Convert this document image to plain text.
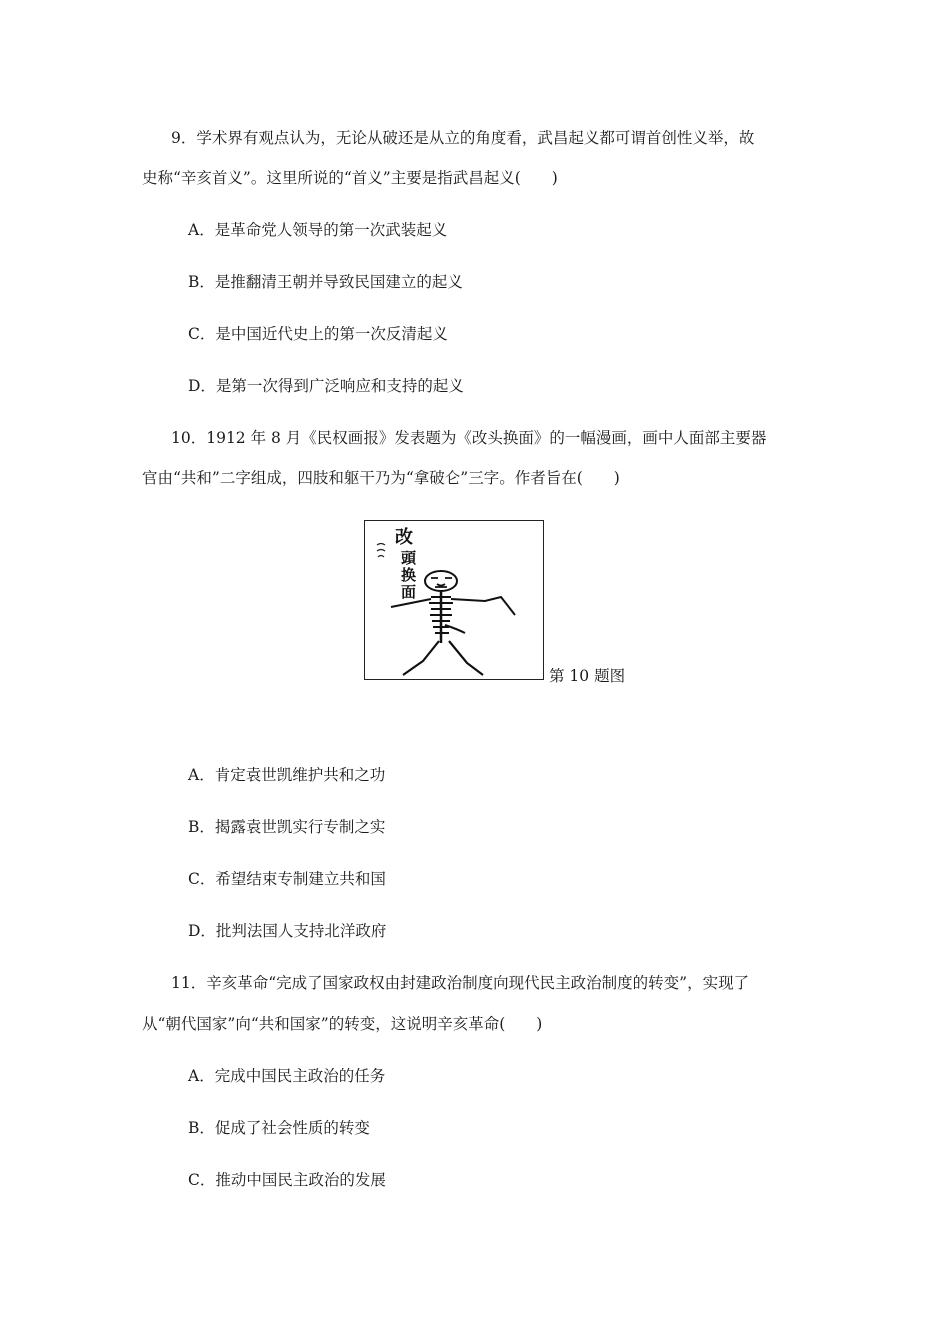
9．学术界有观点认为，无论从破还是从立的角度看，武昌起义都可谓首创性义举，故
史称“辛亥首义”。这里所说的“首义”主要是指武昌起义(　　)
A．是革命党人领导的第一次武装起义
B．是推翻清王朝并导致民国建立的起义
C．是中国近代史上的第一次反清起义
D．是第一次得到广泛响应和支持的起义
10．1912 年 8 月《民权画报》发表题为《改头换面》的一幅漫画，画中人面部主要器
官由“共和”二字组成，四肢和躯干乃为“拿破仑”三字。作者旨在(　　)
改
頭
换
面
第 10 题图
A．肯定袁世凯维护共和之功
B．揭露袁世凯实行专制之实
C．希望结束专制建立共和国
D．批判法国人支持北洋政府
11．辛亥革命“完成了国家政权由封建政治制度向现代民主政治制度的转变”，实现了
从“朝代国家”向“共和国家”的转变，这说明辛亥革命(　　)
A．完成中国民主政治的任务
B．促成了社会性质的转变
C．推动中国民主政治的发展
